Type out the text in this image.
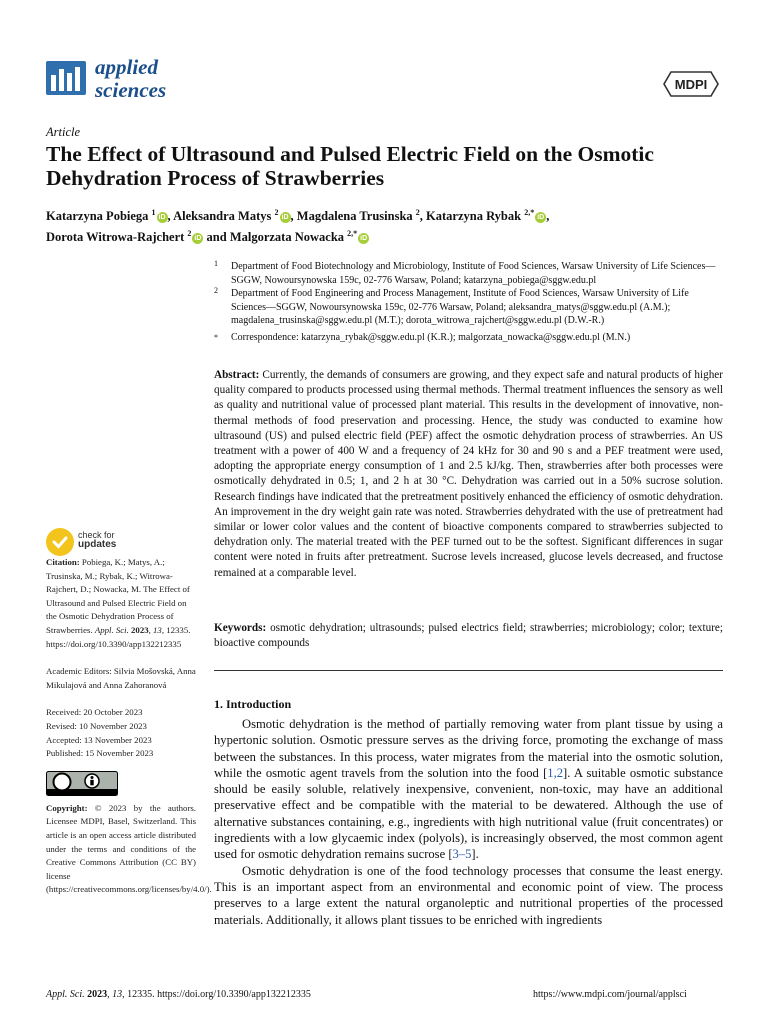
applied
sciences	MDPI
Article
The Effect of Ultrasound and Pulsed Electric Field on the Osmotic Dehydration Process of Strawberries
Katarzyna Pobiega $^1$iD , Aleksandra Matys $^2$iD , Magdalena Trusinska $^2$, Katarzyna Rybak $^{2,*}$iD ,
Dorota Witrowa-Rajchert $^2$iD and Malgorzata Nowacka $^{2,*}$iD
1 Department of Food Biotechnology and Microbiology, Institute of Food Sciences, Warsaw University of Life Sciences—SGGW, Nowoursynowska 159c, 02-776 Warsaw, Poland; katarzyna_pobiega@sggw.edu.pl
2 Department of Food Engineering and Process Management, Institute of Food Sciences, Warsaw University of Life Sciences—SGGW, Nowoursynowska 159c, 02-776 Warsaw, Poland; aleksandra_matys@sggw.edu.pl (A.M.); magdalena_trusinska@sggw.edu.pl (M.T.); dorota_witrowa_rajchert@sggw.edu.pl (D.W.-R.)
* Correspondence: katarzyna_rybak@sggw.edu.pl (K.R.); malgorzata_nowacka@sggw.edu.pl (M.N.)
Abstract: Currently, the demands of consumers are growing, and they expect safe and natural products of higher quality compared to products processed using thermal methods. Thermal treatment influences the sensory as well as quality and nutritional value of processed plant material. This results in the development of innovative, non-thermal methods of food preservation and processing. Hence, the study was conducted to examine how ultrasound (US) and pulsed electric field (PEF) affect the osmotic dehydration process of strawberries. An US treatment with a power of 400 W and a frequency of 24 kHz for 30 and 90 s and a PEF treatment were used, adopting the appropriate energy consumption of 1 and 2.5 kJ/kg. Then, strawberries after both processes were osmotically dehydrated in 0.5; 1, and 2 h at 30 °C. Dehydration was carried out in a 50% sucrose solution. Research findings have indicated that the pretreatment positively enhanced the efficiency of osmotic dehydration. An improvement in the dry weight gain rate was noted. Strawberries dehydrated with the use of pretreatment had similar or lower color values and the content of bioactive components compared to strawberries subjected to dehydration only. The material treated with the PEF turned out to be the softest. Significant differences in sugar content were noted in fruits after pretreatment. Sucrose levels increased, glucose levels decreased, and fructose remained at a comparable level.
Keywords: osmotic dehydration; ultrasounds; pulsed electrics field; strawberries; microbiology; color; texture; bioactive compounds
1. Introduction

Osmotic dehydration is the method of partially removing water from plant tissue by using a hypertonic solution. Osmotic pressure serves as the driving force, promoting the exchange of mass between the substances. In this process, water migrates from the material into the osmotic solution, while the osmotic agent travels from the solution into the food [1,2]. A suitable osmotic substance should be easily soluble, relatively inexpensive, convenient, non-toxic, may have an additional preservative effect and be compatible with the material to be dewatered. Although the use of alternative substances containing, e.g., ingredients with high nutritional value (fruit concentrates) or ingredients with a low glycaemic index (polyols), is increasingly observed, the most common agent used for osmotic dehydration remains sucrose [3–5].

Osmotic dehydration is one of the food technology processes that consume the least energy. This is an important aspect from an environmental and economic point of view. The process preserves to a large extent the natural organoleptic and nutritional properties of the processed materials. Additionally, it allows plant tissues to be enriched with ingredients

check for
updates

Citation: Pobiega, K.; Matys, A.; Trusinska, M.; Rybak, K.; Witrowa-Rajchert, D.; Nowacka, M. The Effect of Ultrasound and Pulsed Electric Field on the Osmotic Dehydration Process of Strawberries. Appl. Sci. 2023, 13, 12335. https://doi.org/10.3390/app132212335

Academic Editors: Silvia Mošovská, Anna Mikulajová and Anna Zahoranová

Received: 20 October 2023

Revised: 10 November 2023

Accepted: 13 November 2023

Published: 15 November 2023

Copyright: © 2023 by the authors. Licensee MDPI, Basel, Switzerland. This article is an open access article distributed under the terms and conditions of the Creative Commons Attribution (CC BY) license (https://creativecommons.org/licenses/by/4.0/).

Appl. Sci. 2023, 13, 12335. https://doi.org/10.3390/app132212335	https://www.mdpi.com/journal/applsci
